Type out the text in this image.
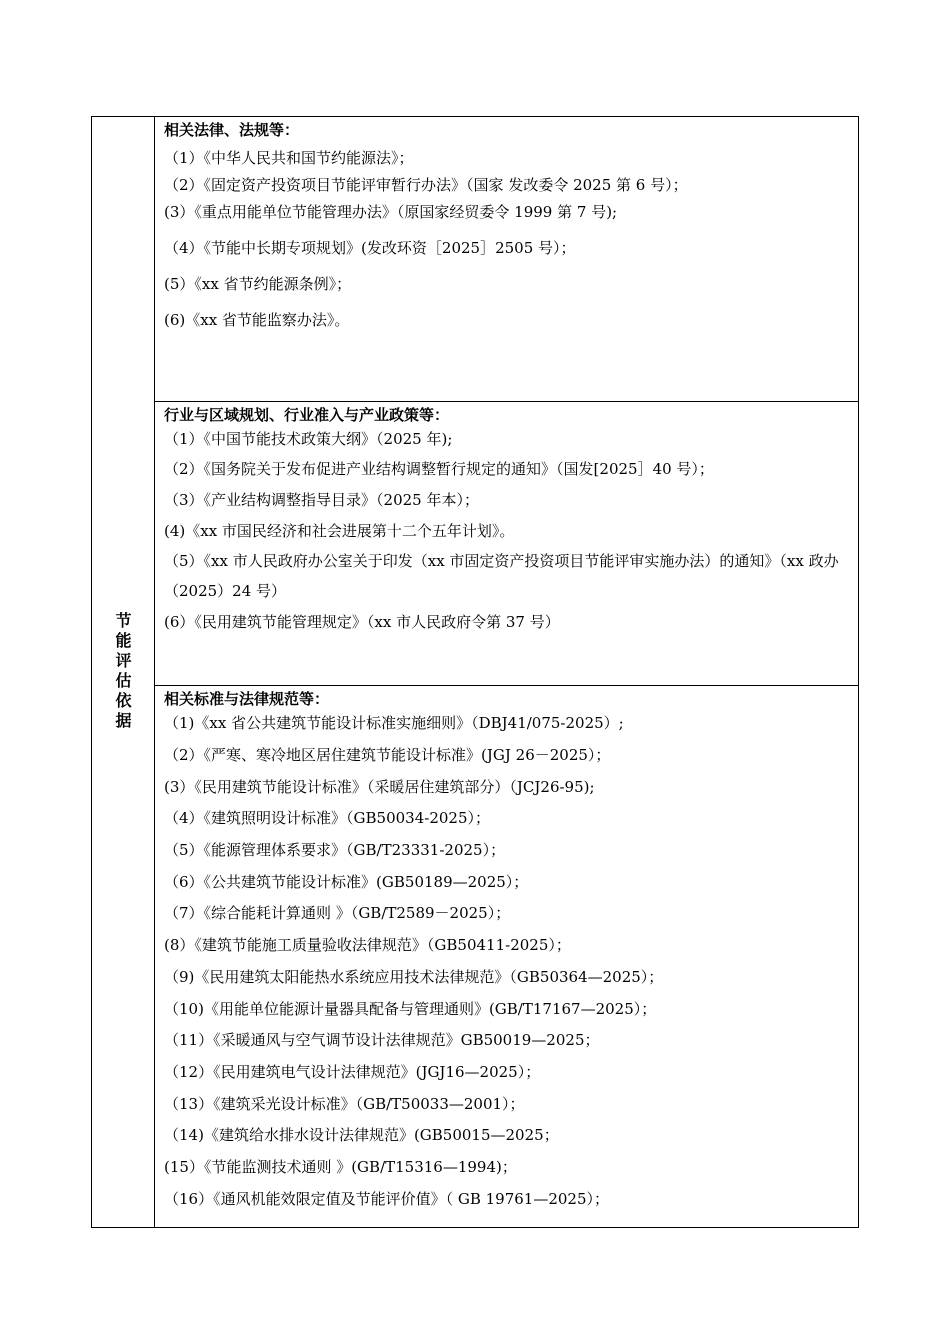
节
能
评
估
依
据
相关法律、法规等：
（1）《中华人民共和国节约能源法》；
（2）《固定资产投资项目节能评审暂行办法》（国家 发改委令 2025 第 6 号）；
(3）《重点用能单位节能管理办法》（原国家经贸委令 1999 第 7 号);
（4）《节能中长期专项规划》(发改环资［2025］2505 号）；
(5）《xx 省节约能源条例》；
(6)《xx 省节能监察办法》。
行业与区域规划、行业准入与产业政策等：
（1）《中国节能技术政策大纲》（2025 年);
（2）《国务院关于发布促进产业结构调整暂行规定的通知》（国发[2025］40 号）；
（3）《产业结构调整指导目录》（2025 年本）；
(4)《xx 市国民经济和社会进展第十二个五年计划》。
（5）《xx 市人民政府办公室关于印发（xx 市固定资产投资项目节能评审实施办法）的通知》（xx 政办（2025）24 号）
(6）《民用建筑节能管理规定》（xx 市人民政府令第 37 号）
相关标准与法律规范等：
（1)《xx 省公共建筑节能设计标准实施细则》（DBJ41/075-2025）;
（2）《严寒、寒冷地区居住建筑节能设计标准》(JGJ 26－2025）；
(3）《民用建筑节能设计标准》（采暖居住建筑部分）（JCJ26-95);
（4）《建筑照明设计标准》（GB50034-2025）；
（5）《能源管理体系要求》（GB/T23331-2025）；
（6）《公共建筑节能设计标准》(GB50189—2025）；
（7）《综合能耗计算通则 》（GB/T2589－2025）；
(8）《建筑节能施工质量验收法律规范》（GB50411-2025）；
（9)《民用建筑太阳能热水系统应用技术法律规范》（GB50364—2025）；
（10)《用能单位能源计量器具配备与管理通则》(GB/T17167—2025）；
（11）《采暖通风与空气调节设计法律规范》GB50019—2025；
（12）《民用建筑电气设计法律规范》(JGJ16—2025）；
（13）《建筑采光设计标准》（GB/T50033—2001）；
（14)《建筑给水排水设计法律规范》(GB50015—2025；
(15）《节能监测技术通则 》(GB/T15316—1994)；
（16）《通风机能效限定值及节能评价值》（ GB 19761—2025）；
